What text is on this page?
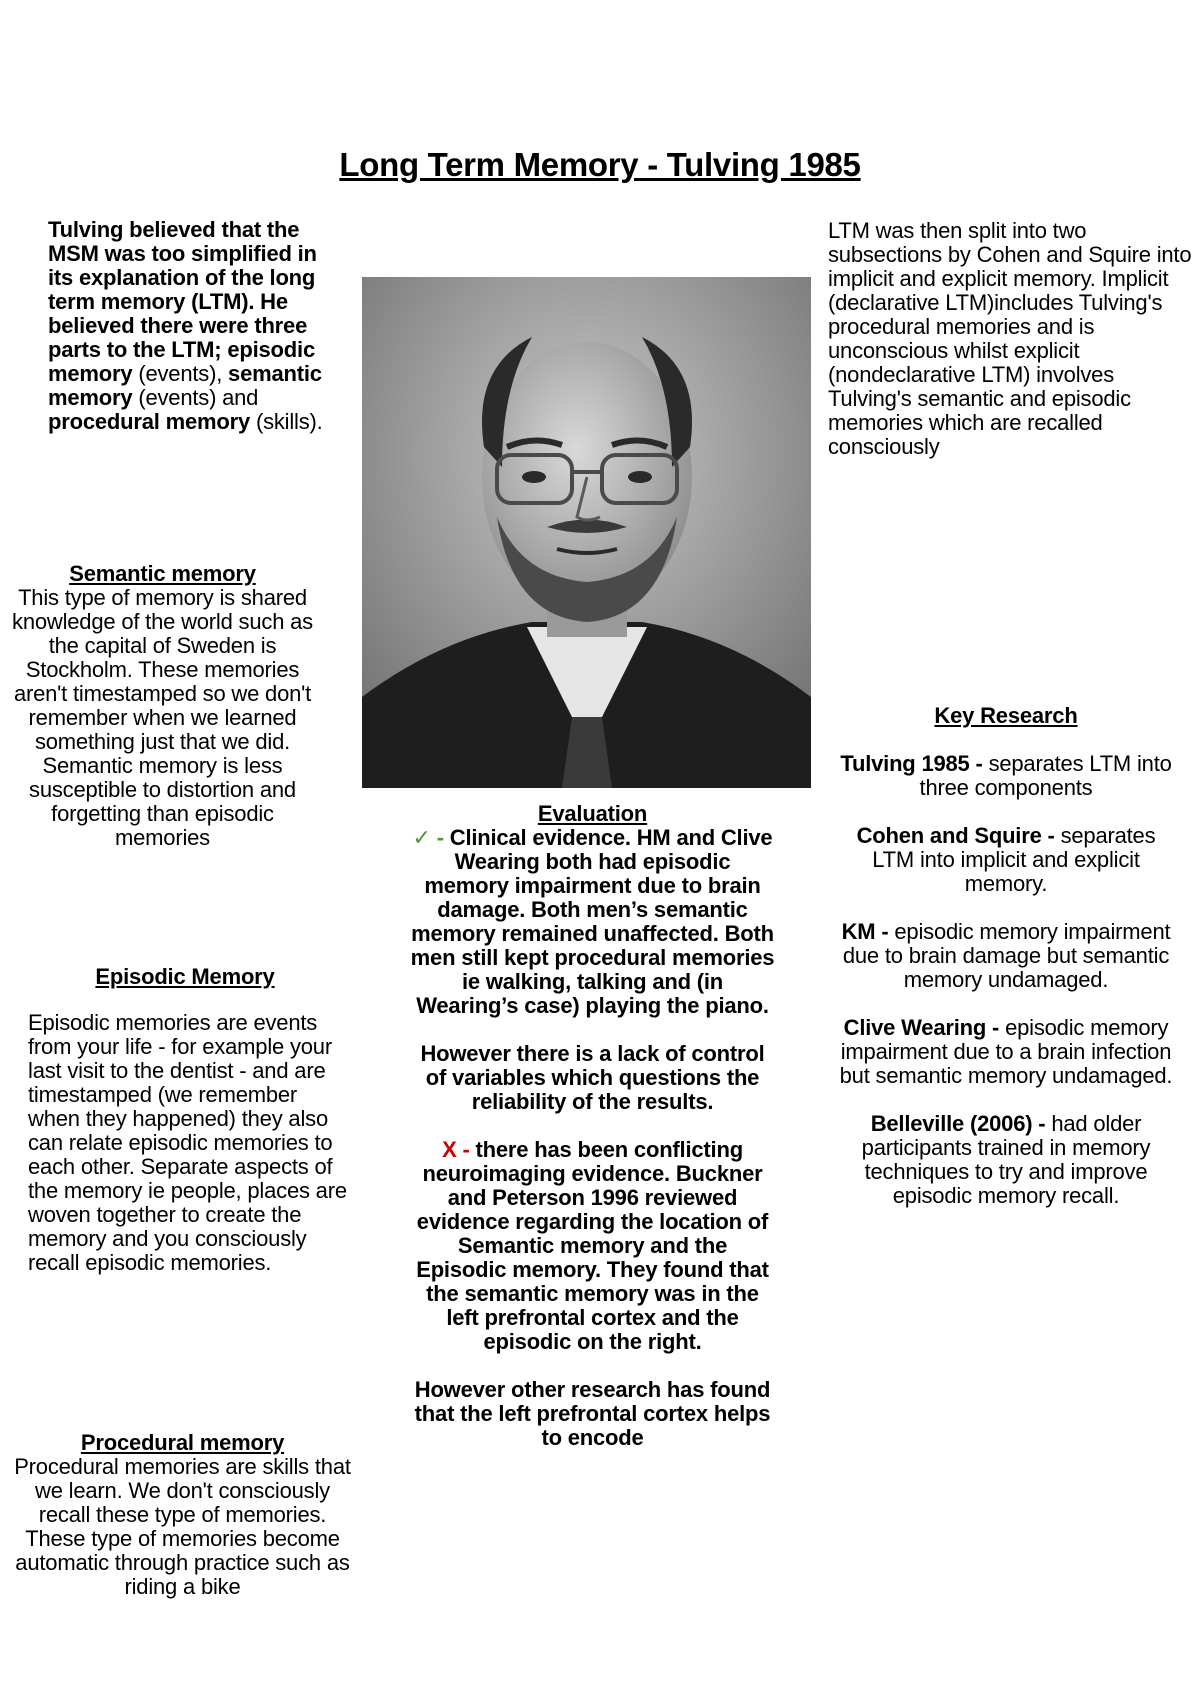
Long Term Memory - Tulving 1985
Tulving believed that the MSM was too simplified in its explanation of the long term memory (LTM). He believed there were three parts to the LTM; episodic memory (events), semantic memory (events) and procedural memory (skills).
Semantic memory
This type of memory is shared knowledge of the world such as the capital of Sweden is Stockholm. These memories aren't timestamped so we don't remember when we learned something just that we did. Semantic memory is less susceptible to distortion and forgetting than episodic memories
Episodic Memory
Episodic memories are events from your life - for example your last visit to the dentist - and are timestamped (we remember when they happened) they also can relate episodic memories to each other. Separate aspects of the memory ie people, places are woven together to create the memory and you consciously recall episodic memories.
Procedural memory
Procedural memories are skills that we learn. We don't consciously recall these type of memories. These type of memories become automatic through practice such as riding a bike
Evaluation
✓ - Clinical evidence. HM and Clive Wearing both had episodic memory impairment due to brain damage. Both men’s semantic memory remained unaffected. Both men still kept procedural memories ie walking, talking and (in Wearing’s case) playing the piano.
However there is a lack of control of variables which questions the reliability of the results.
X - there has been conflicting neuroimaging evidence. Buckner and Peterson 1996 reviewed evidence regarding the location of Semantic memory and the Episodic memory. They found that the semantic memory was in the left prefrontal cortex and the episodic on the right.
However other research has found that the left prefrontal cortex helps to encode
LTM was then split into two subsections by Cohen and Squire into implicit and explicit memory. Implicit (declarative LTM)includes Tulving's procedural memories and is unconscious whilst explicit (nondeclarative LTM) involves Tulving's semantic and episodic memories which are recalled consciously
Key Research
Tulving 1985 - separates LTM into three components
Cohen and Squire - separates LTM into implicit and explicit memory.
KM - episodic memory impairment due to brain damage but semantic memory undamaged.
Clive Wearing - episodic memory impairment due to a brain infection but semantic memory undamaged.
Belleville (2006) - had older participants trained in memory techniques to try and improve episodic memory recall.
